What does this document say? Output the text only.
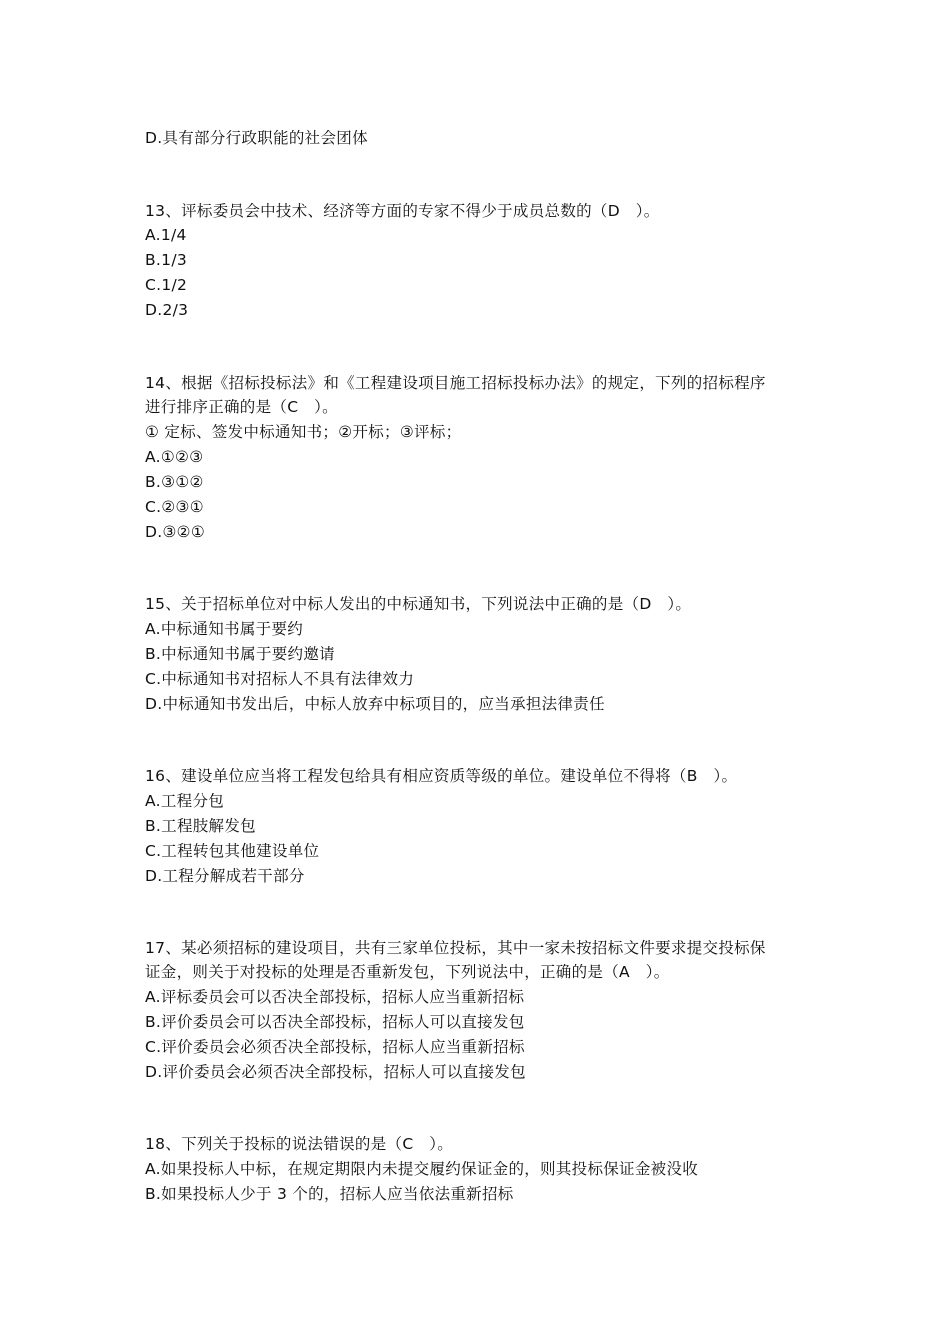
D.具有部分行政职能的社会团体
13、评标委员会中技术、经济等方面的专家不得少于成员总数的（D　）。
A.1/4
B.1/3
C.1/2
D.2/3
14、根据《招标投标法》和《工程建设项目施工招标投标办法》的规定，下列的招标程序
进行排序正确的是（C　）。
① 定标、签发中标通知书；②开标；③评标；
A.①②③
B.③①②
C.②③①
D.③②①
15、关于招标单位对中标人发出的中标通知书，下列说法中正确的是（D　）。
A.中标通知书属于要约
B.中标通知书属于要约邀请
C.中标通知书对招标人不具有法律效力
D.中标通知书发出后，中标人放弃中标项目的，应当承担法律责任
16、建设单位应当将工程发包给具有相应资质等级的单位。建设单位不得将（B　）。
A.工程分包
B.工程肢解发包
C.工程转包其他建设单位
D.工程分解成若干部分
17、某必须招标的建设项目，共有三家单位投标，其中一家未按招标文件要求提交投标保
证金，则关于对投标的处理是否重新发包，下列说法中，正确的是（A　）。
A.评标委员会可以否决全部投标，招标人应当重新招标
B.评价委员会可以否决全部投标，招标人可以直接发包
C.评价委员会必须否决全部投标，招标人应当重新招标
D.评价委员会必须否决全部投标，招标人可以直接发包
18、下列关于投标的说法错误的是（C　）。
A.如果投标人中标，在规定期限内未提交履约保证金的，则其投标保证金被没收
B.如果投标人少于 3 个的，招标人应当依法重新招标
